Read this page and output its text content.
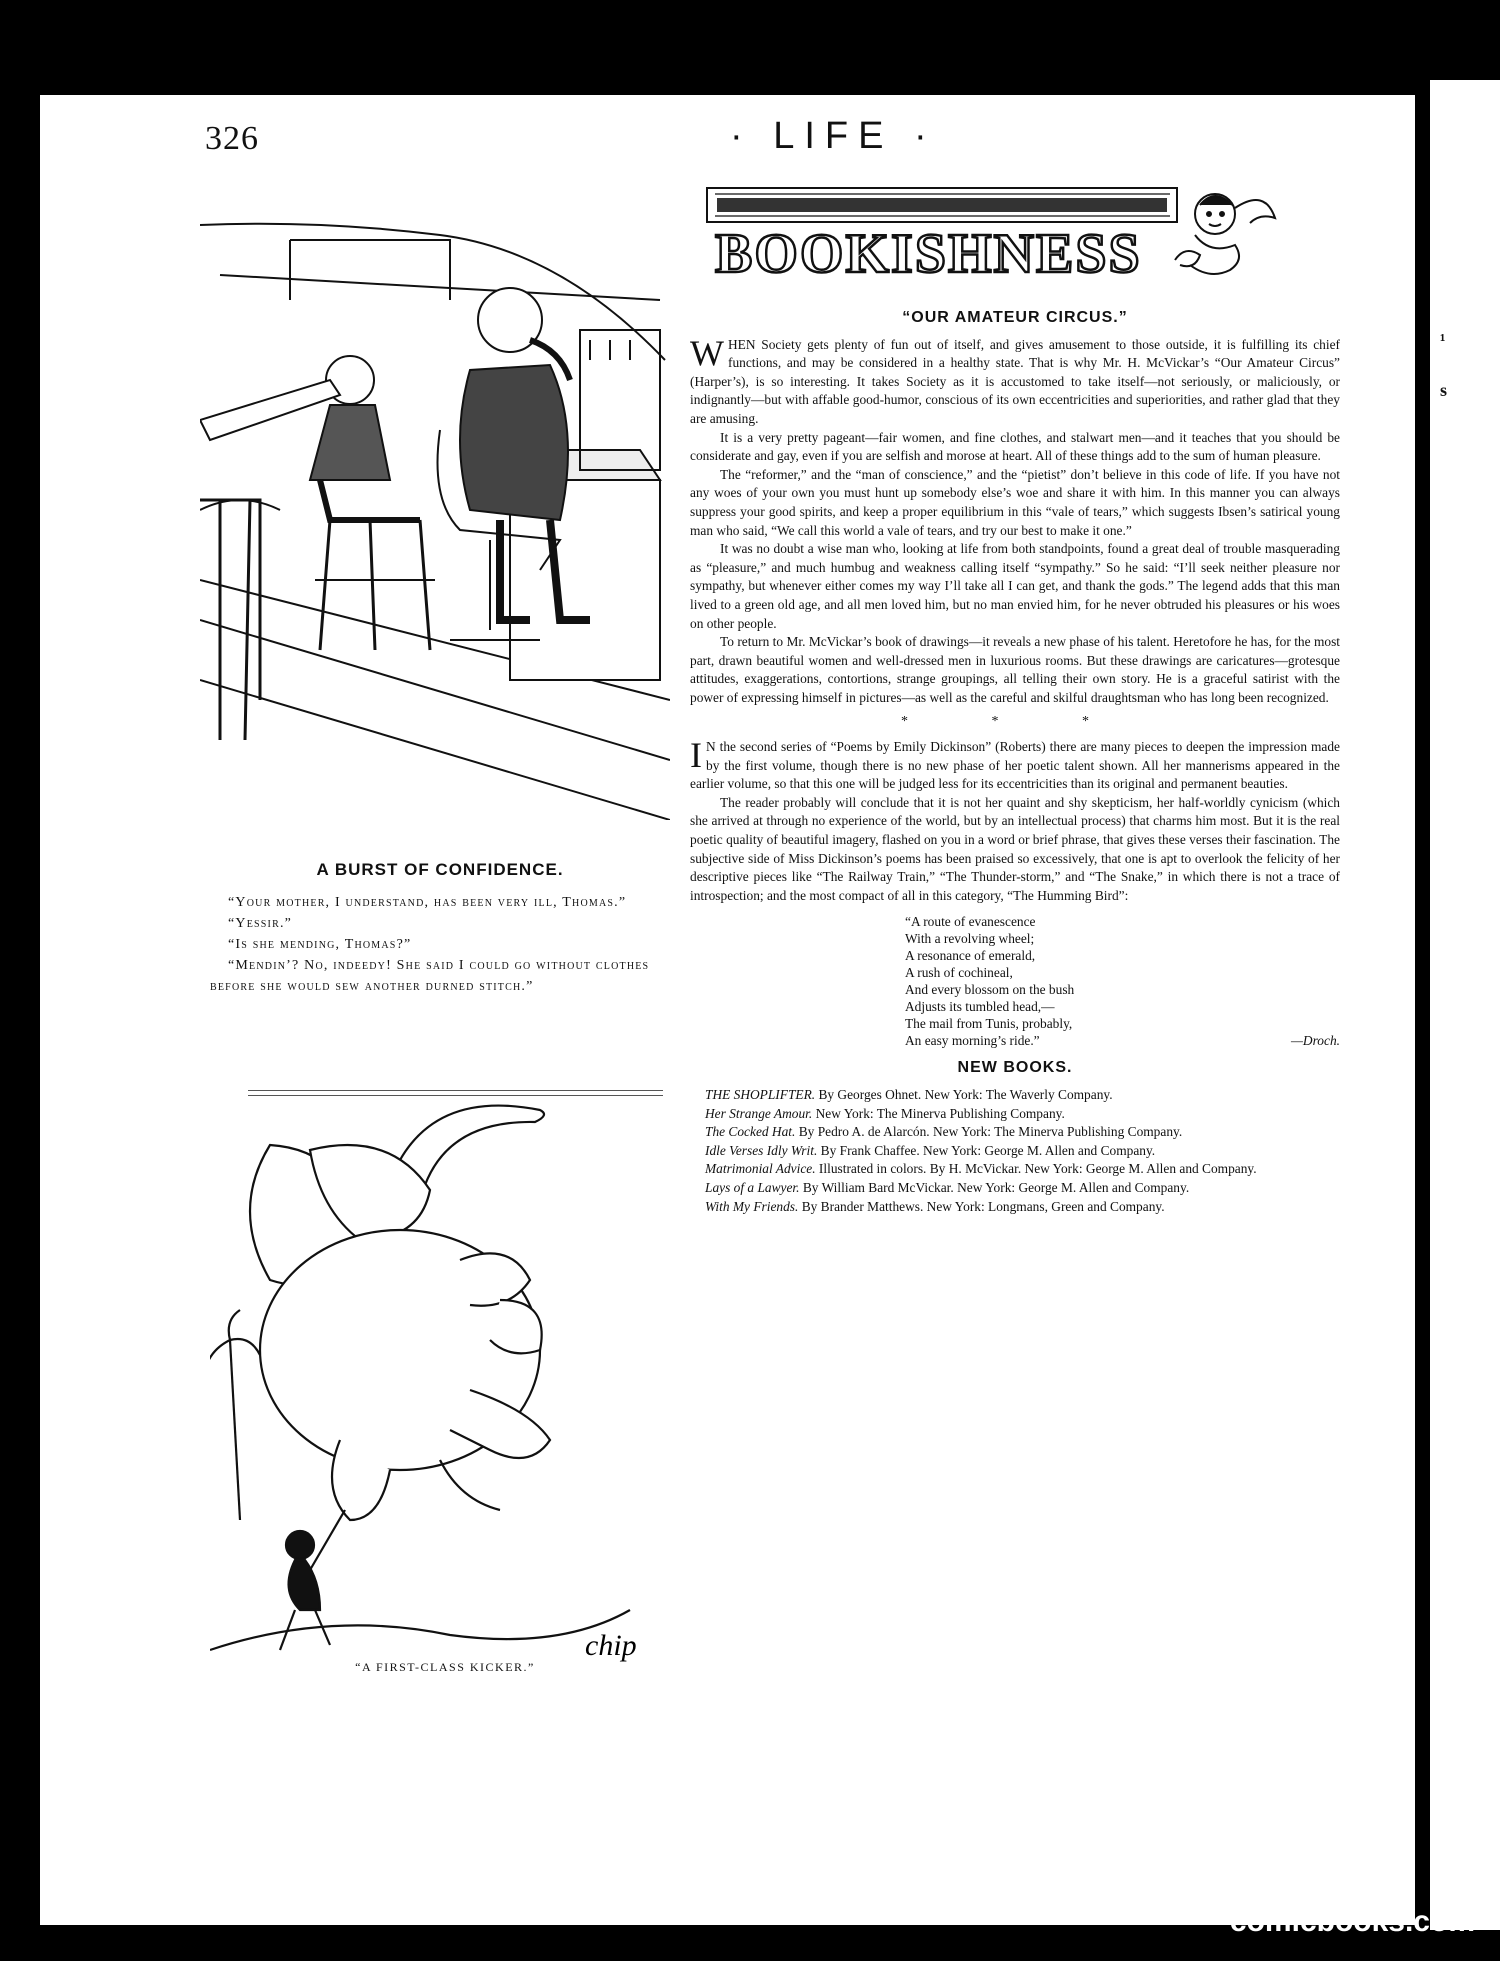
¹
s
326	· LIFE ·
BOOKISHNESS
A BURST OF CONFIDENCE.

“Your mother, I understand, has been very ill, Thomas.”

“Yessir.”

“Is she mending, Thomas?”

“Mendin’? No, indeedy! She said I could go without clothes before she would sew another durned stitch.”

chip
“A FIRST-CLASS KICKER.”
“OUR AMATEUR CIRCUS.”

WHEN Society gets plenty of fun out of itself, and gives amusement to those outside, it is fulfilling its chief functions, and may be considered in a healthy state. That is why Mr. H. McVickar’s “Our Amateur Circus” (Harper’s), is so interesting. It takes Society as it is accustomed to take itself—not seriously, or maliciously, or indignantly—but with affable good-humor, conscious of its own eccentricities and superiorities, and rather glad that they are amusing.

It is a very pretty pageant—fair women, and fine clothes, and stalwart men—and it teaches that you should be considerate and gay, even if you are selfish and morose at heart. All of these things add to the sum of human pleasure.

The “reformer,” and the “man of conscience,” and the “pietist” don’t believe in this code of life. If you have not any woes of your own you must hunt up somebody else’s woe and share it with him. In this manner you can always suppress your good spirits, and keep a proper equilibrium in this “vale of tears,” which suggests Ibsen’s satirical young man who said, “We call this world a vale of tears, and try our best to make it one.”

It was no doubt a wise man who, looking at life from both standpoints, found a great deal of trouble masquerading as “pleasure,” and much humbug and weakness calling itself “sympathy.” So he said: “I’ll seek neither pleasure nor sympathy, but whenever either comes my way I’ll take all I can get, and thank the gods.” The legend adds that this man lived to a green old age, and all men loved him, but no man envied him, for he never obtruded his pleasures or his woes on other people.

To return to Mr. McVickar’s book of drawings—it reveals a new phase of his talent. Heretofore he has, for the most part, drawn beautiful women and well-dressed men in luxurious rooms. But these drawings are caricatures—grotesque attitudes, exaggerations, contortions, strange groupings, all telling their own story. He is a graceful satirist with the power of expressing himself in pictures—as well as the careful and skilful draughtsman who has long been recognized.

* * *

I N the second series of “Poems by Emily Dickinson” (Roberts) there are many pieces to deepen the impression made by the first volume, though there is no new phase of her poetic talent shown. All her mannerisms appeared in the earlier volume, so that this one will be judged less for its eccentricities than its original and permanent beauties.

The reader probably will conclude that it is not her quaint and shy skepticism, her half-worldly cynicism (which she arrived at through no experience of the world, but by an intellectual process) that charms him most. But it is the real poetic quality of beautiful imagery, flashed on you in a word or brief phrase, that gives these verses their fascination. The subjective side of Miss Dickinson’s poems has been praised so excessively, that one is apt to overlook the felicity of her descriptive pieces like “The Railway Train,” “The Thunder-storm,” and “The Snake,” in which there is not a trace of introspection; and the most compact of all in this category, “The Humming Bird”:

“A route of evanescence
With a revolving wheel;
A resonance of emerald,
A rush of cochineal,
And every blossom on the bush
Adjusts its tumbled head,—
The mail from Tunis, probably,
An easy morning’s ride.”	—Droch.
NEW BOOKS.

THE SHOPLIFTER. By Georges Ohnet. New York: The Waverly Company.

Her Strange Amour. New York: The Minerva Publishing Company.

The Cocked Hat. By Pedro A. de Alarcón. New York: The Minerva Publishing Company.

Idle Verses Idly Writ. By Frank Chaffee. New York: George M. Allen and Company.

Matrimonial Advice. Illustrated in colors. By H. McVickar. New York: George M. Allen and Company.

Lays of a Lawyer. By William Bard McVickar. New York: George M. Allen and Company.

With My Friends. By Brander Matthews. New York: Longmans, Green and Company.

comicbooks.com
